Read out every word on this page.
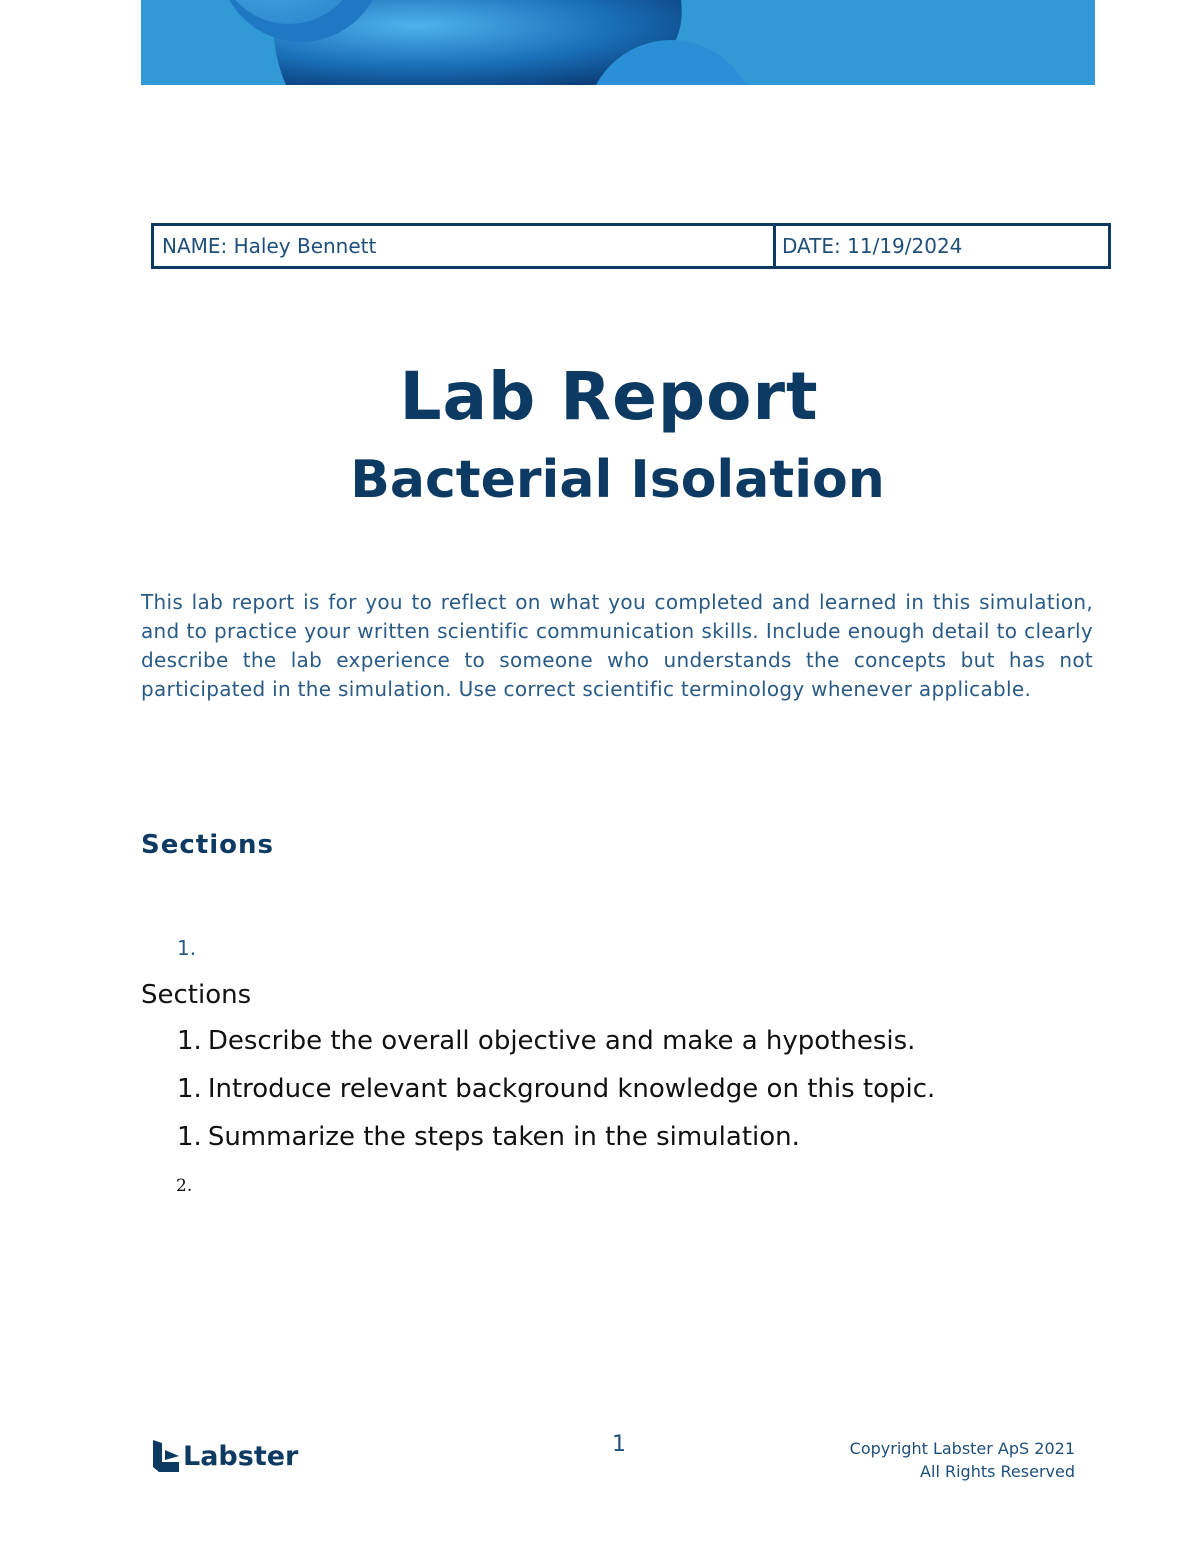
NAME: Haley Bennett	DATE: 11/19/2024
Lab Report
Bacterial Isolation

This lab report is for you to reflect on what you completed and learned in this simulation, and to practice your written scientific communication skills. Include enough detail to clearly describe the lab experience to someone who understands the concepts but has not participated in the simulation. Use correct scientific terminology whenever applicable.

Sections
1.
Sections
1. Describe the overall objective and make a hypothesis.
1. Introduce relevant background knowledge on this topic.
1. Summarize the steps taken in the simulation.
2.
Labster	1	Copyright Labster ApS 2021
All Rights Reserved
